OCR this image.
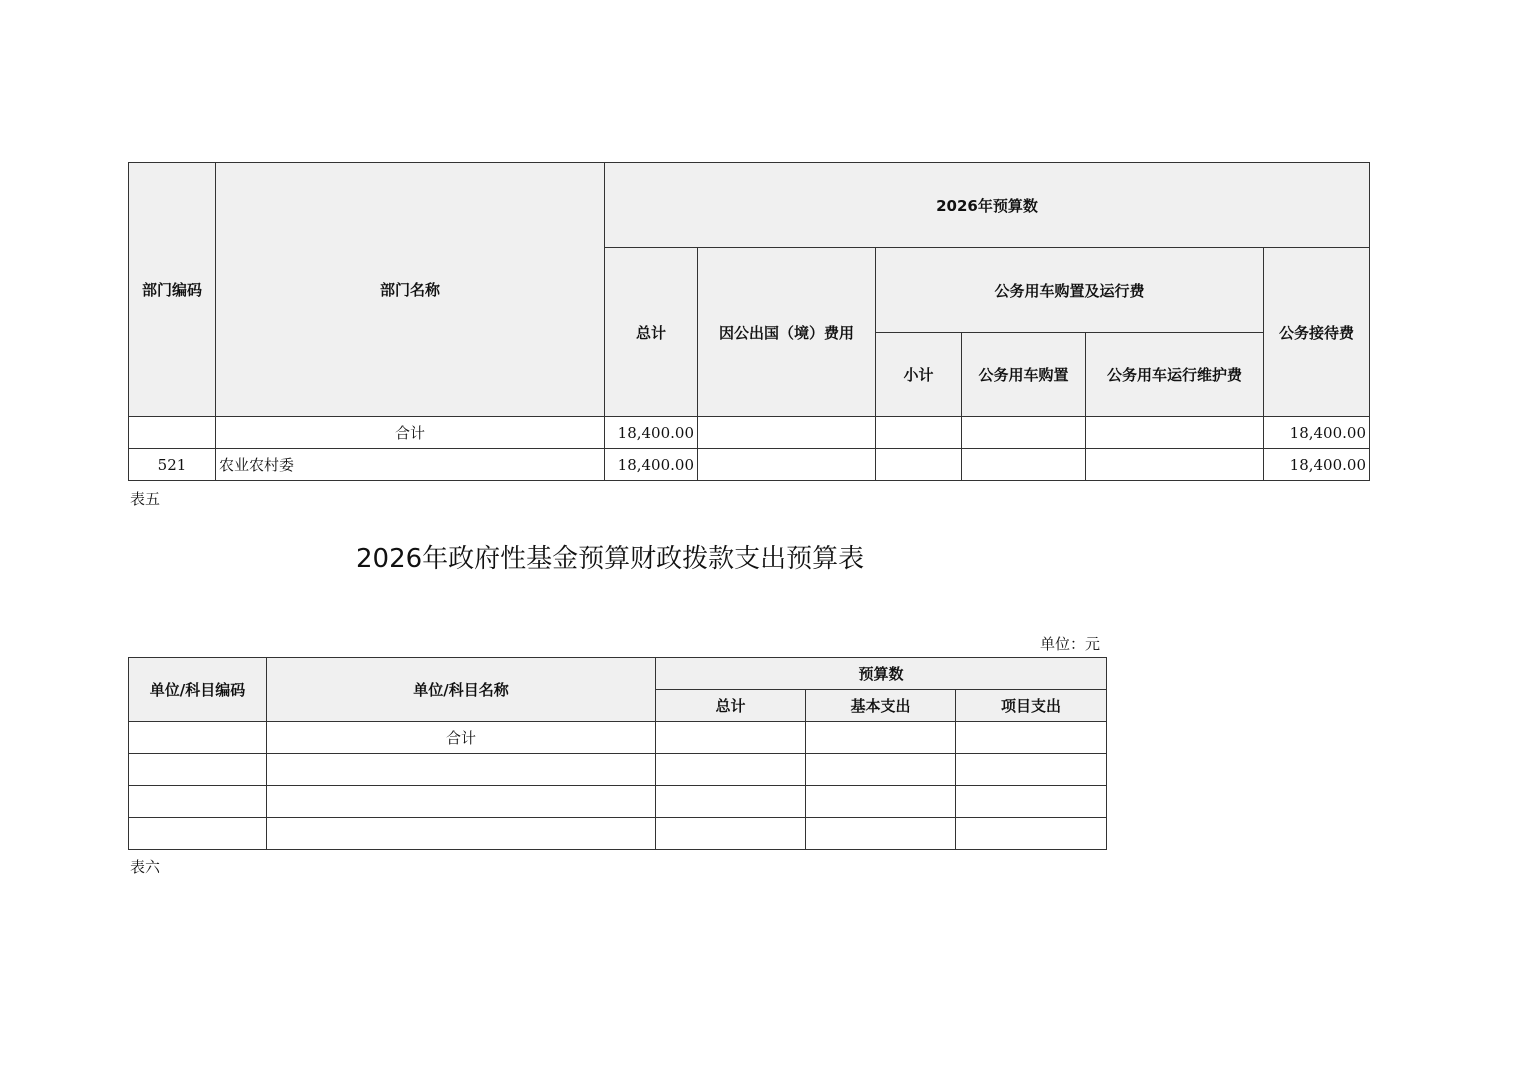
部门编码	部门名称	2026年预算数					
		总计	因公出国（境）费用	公务用车购置及运行费			公务接待费
				小计	公务用车购置	公务用车运行维护费	
	合计	18,400.00					18,400.00
521	农业农村委	18,400.00					18,400.00
表五
2026年政府性基金预算财政拨款支出预算表
单位：元
单位/科目编码	单位/科目名称	预算数		
		总计	基本支出	项目支出
	合计			

表六
